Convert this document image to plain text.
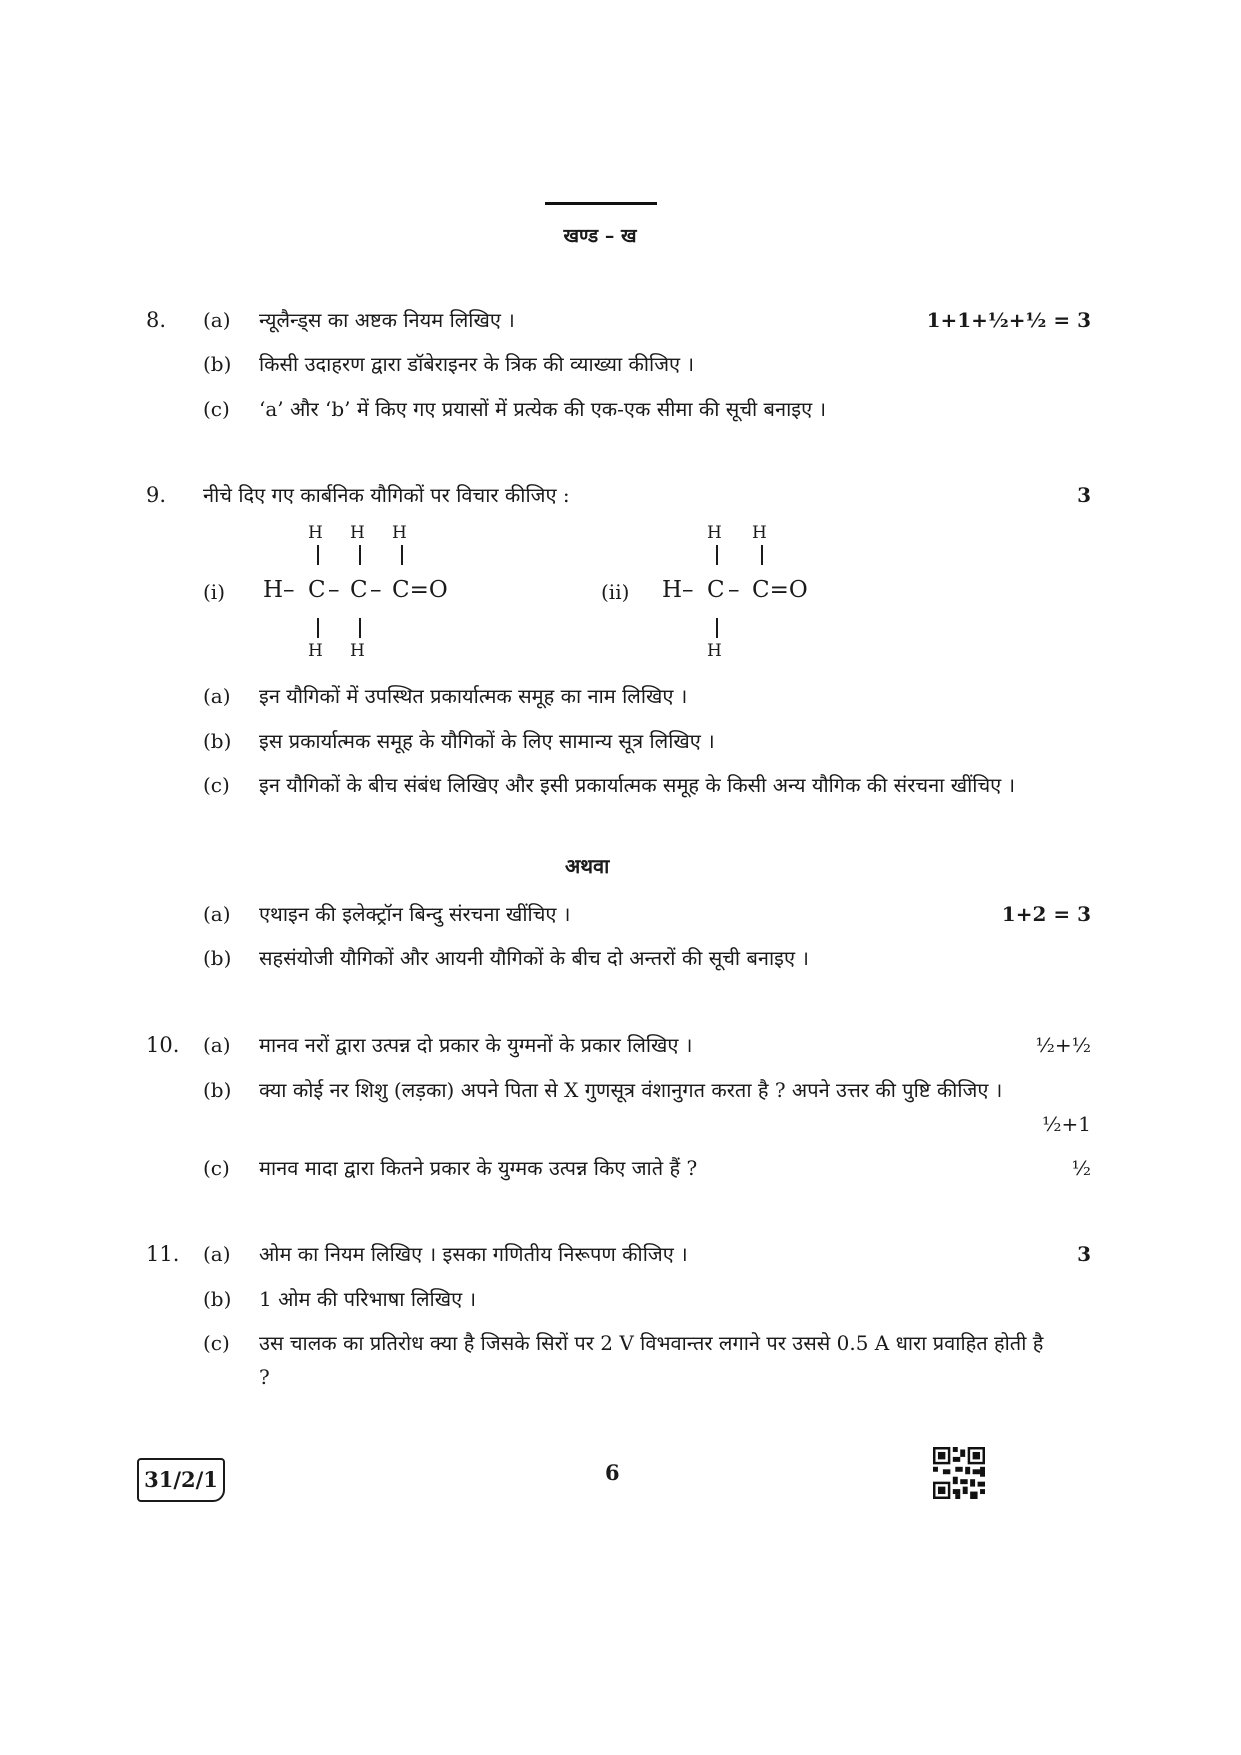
खण्ड – ख
8. (a) न्यूलैन्ड्स का अष्टक नियम लिखिए ।	1+1+½+½ = 3
(b) किसी उदाहरण द्वारा डॉबेराइनर के त्रिक की व्याख्या कीजिए ।
(c) ‘a’ और ‘b’ में किए गए प्रयासों में प्रत्येक की एक-एक सीमा की सूची बनाइए ।
9. नीचे दिए गए कार्बनिक यौगिकों पर विचार कीजिए :	3
(i)
H H H
H– C – C – C=O
H H
(ii)
H H
H– C – C=O
H
(a) इन यौगिकों में उपस्थित प्रकार्यात्मक समूह का नाम लिखिए ।
(b) इस प्रकार्यात्मक समूह के यौगिकों के लिए सामान्य सूत्र लिखिए ।
(c) इन यौगिकों के बीच संबंध लिखिए और इसी प्रकार्यात्मक समूह के किसी अन्य यौगिक की संरचना खींचिए ।
अथवा
(a) एथाइन की इलेक्ट्रॉन बिन्दु संरचना खींचिए ।	1+2 = 3
(b) सहसंयोजी यौगिकों और आयनी यौगिकों के बीच दो अन्तरों की सूची बनाइए ।
10. (a) मानव नरों द्वारा उत्पन्न दो प्रकार के युग्मनों के प्रकार लिखिए ।	½+½
(b) क्या कोई नर शिशु (लड़का) अपने पिता से X गुणसूत्र वंशानुगत करता है ? अपने उत्तर की पुष्टि कीजिए ।
½+1
(c) मानव मादा द्वारा कितने प्रकार के युग्मक उत्पन्न किए जाते हैं ?	½
11. (a) ओम का नियम लिखिए । इसका गणितीय निरूपण कीजिए ।	3
(b) 1 ओम की परिभाषा लिखिए ।
(c) उस चालक का प्रतिरोध क्या है जिसके सिरों पर 2 V विभवान्तर लगाने पर उससे 0.5 A धारा प्रवाहित होती है ?
31/2/1	6
